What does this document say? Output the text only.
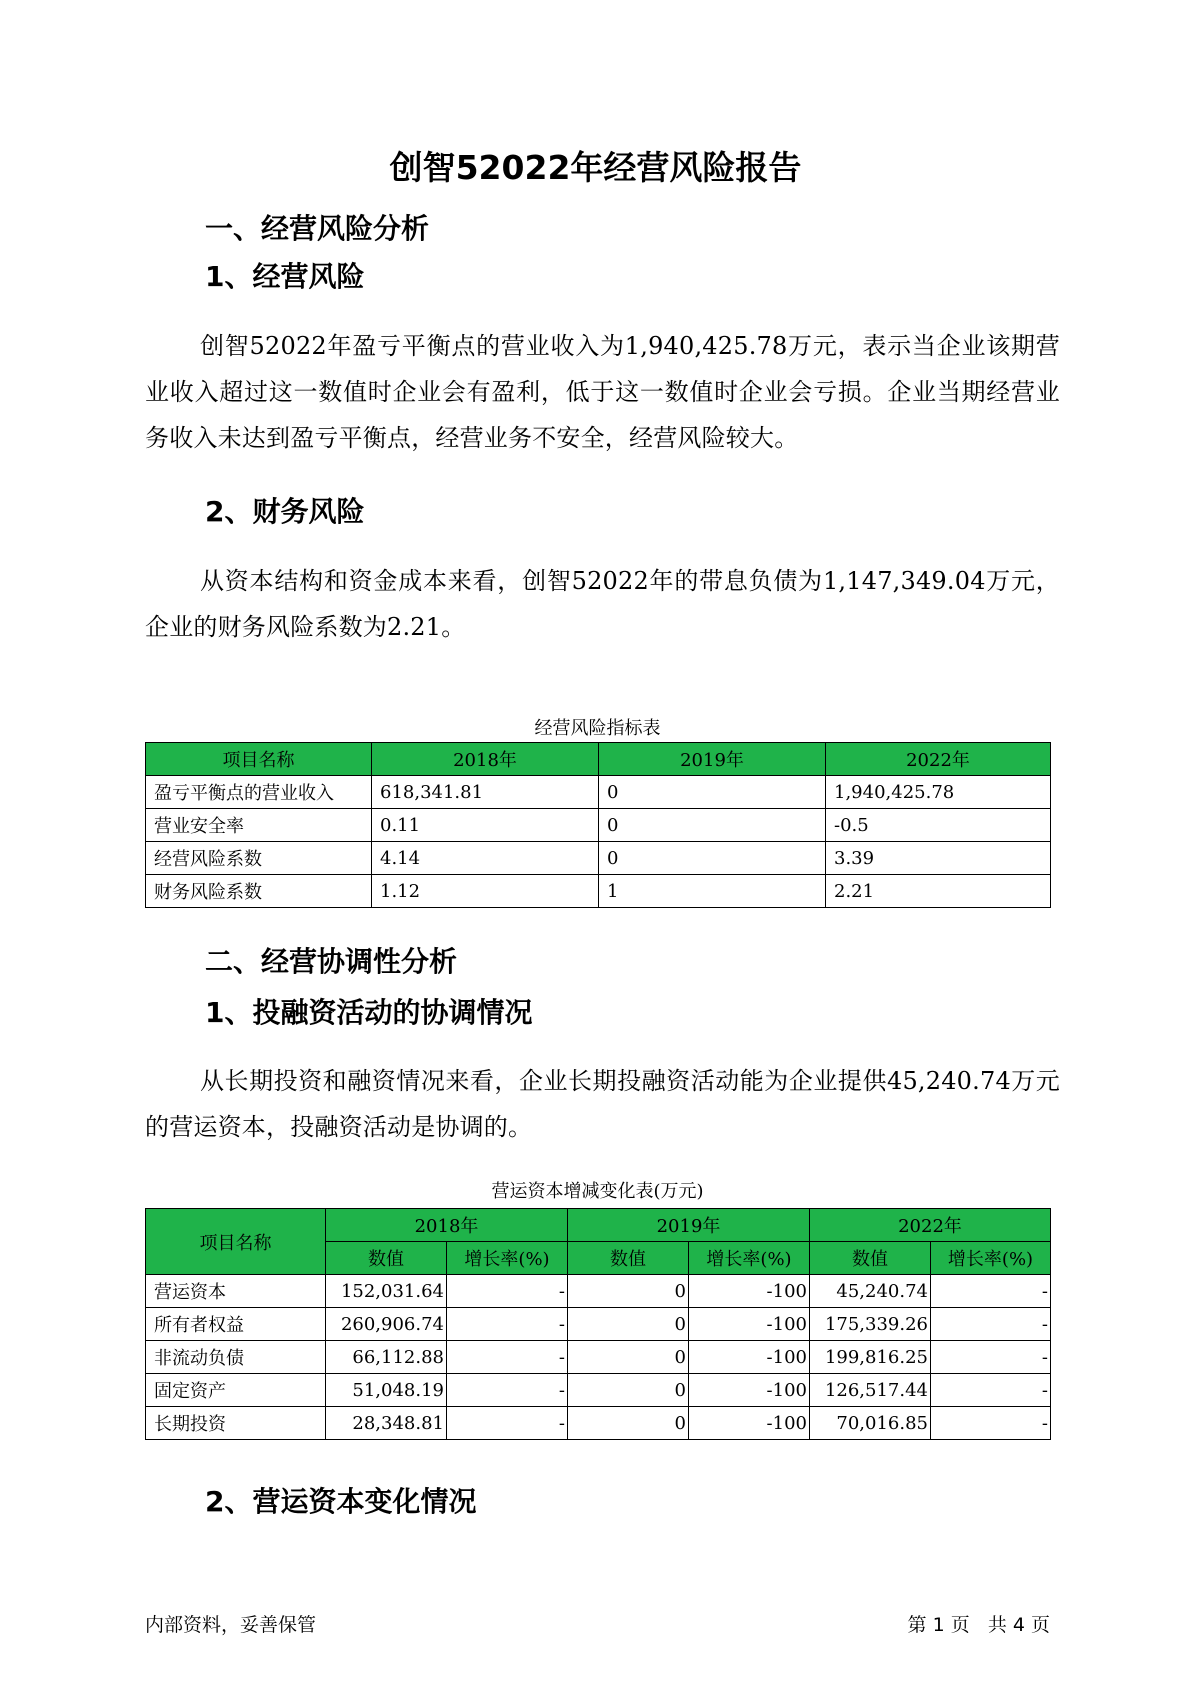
创智52022年经营风险报告
一、经营风险分析
1、经营风险

创智52022年盈亏平衡点的营业收入为1,940,425.78万元，表示当企业该期营业收入超过这一数值时企业会有盈利，低于这一数值时企业会亏损。企业当期经营业务收入未达到盈亏平衡点，经营业务不安全，经营风险较大。

2、财务风险

从资本结构和资金成本来看，创智52022年的带息负债为1,147,349.04万元，企业的财务风险系数为2.21。

经营风险指标表
项目名称	2018年	2019年	2022年
盈亏平衡点的营业收入	618,341.81	0	1,940,425.78
营业安全率	0.11	0	-0.5
经营风险系数	4.14	0	3.39
财务风险系数	1.12	1	2.21
二、经营协调性分析
1、投融资活动的协调情况

从长期投资和融资情况来看，企业长期投融资活动能为企业提供45,240.74万元的营运资本，投融资活动是协调的。

营运资本增减变化表(万元)
项目名称	2018年		2019年		2022年	
	数值	增长率(%)	数值	增长率(%)	数值	增长率(%)
营运资本	152,031.64	-	0	-100	45,240.74	-
所有者权益	260,906.74	-	0	-100	175,339.26	-
非流动负债	66,112.88	-	0	-100	199,816.25	-
固定资产	51,048.19	-	0	-100	126,517.44	-
长期投资	28,348.81	-	0	-100	70,016.85	-
2、营运资本变化情况
内部资料，妥善保管	第 1 页   共 4 页
